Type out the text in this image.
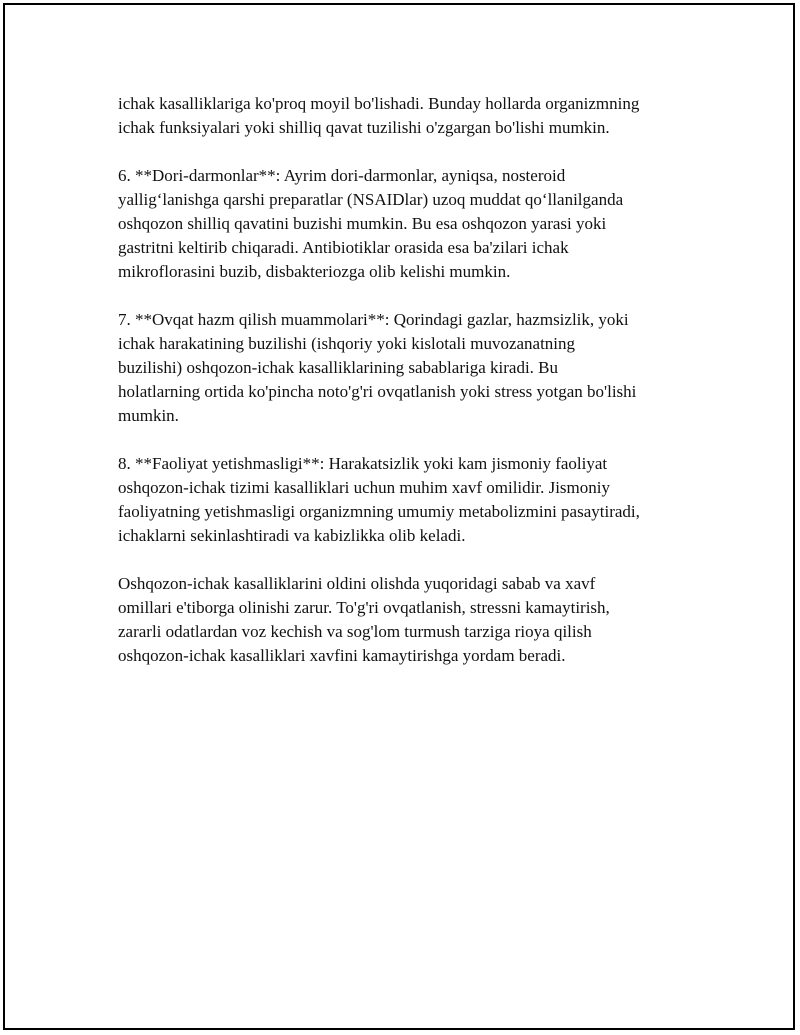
ichak kasalliklariga ko'proq moyil bo'lishadi. Bunday hollarda organizmning
ichak funksiyalari yoki shilliq qavat tuzilishi o'zgargan bo'lishi mumkin.

6. **Dori-darmonlar**: Ayrim dori-darmonlar, ayniqsa, nosteroid
yallig‘lanishga qarshi preparatlar (NSAIDlar) uzoq muddat qo‘llanilganda
oshqozon shilliq qavatini buzishi mumkin. Bu esa oshqozon yarasi yoki
gastritni keltirib chiqaradi. Antibiotiklar orasida esa ba'zilari ichak
mikroflorasini buzib, disbakteriozga olib kelishi mumkin.

7. **Ovqat hazm qilish muammolari**: Qorindagi gazlar, hazmsizlik, yoki
ichak harakatining buzilishi (ishqoriy yoki kislotali muvozanatning
buzilishi) oshqozon-ichak kasalliklarining sabablariga kiradi. Bu
holatlarning ortida ko'pincha noto'g'ri ovqatlanish yoki stress yotgan bo'lishi
mumkin.

8. **Faoliyat yetishmasligi**: Harakatsizlik yoki kam jismoniy faoliyat
oshqozon-ichak tizimi kasalliklari uchun muhim xavf omilidir. Jismoniy
faoliyatning yetishmasligi organizmning umumiy metabolizmini pasaytiradi,
ichaklarni sekinlashtiradi va kabizlikka olib keladi.

Oshqozon-ichak kasalliklarini oldini olishda yuqoridagi sabab va xavf
omillari e'tiborga olinishi zarur. To'g'ri ovqatlanish, stressni kamaytirish,
zararli odatlardan voz kechish va sog'lom turmush tarziga rioya qilish
oshqozon-ichak kasalliklari xavfini kamaytirishga yordam beradi.
